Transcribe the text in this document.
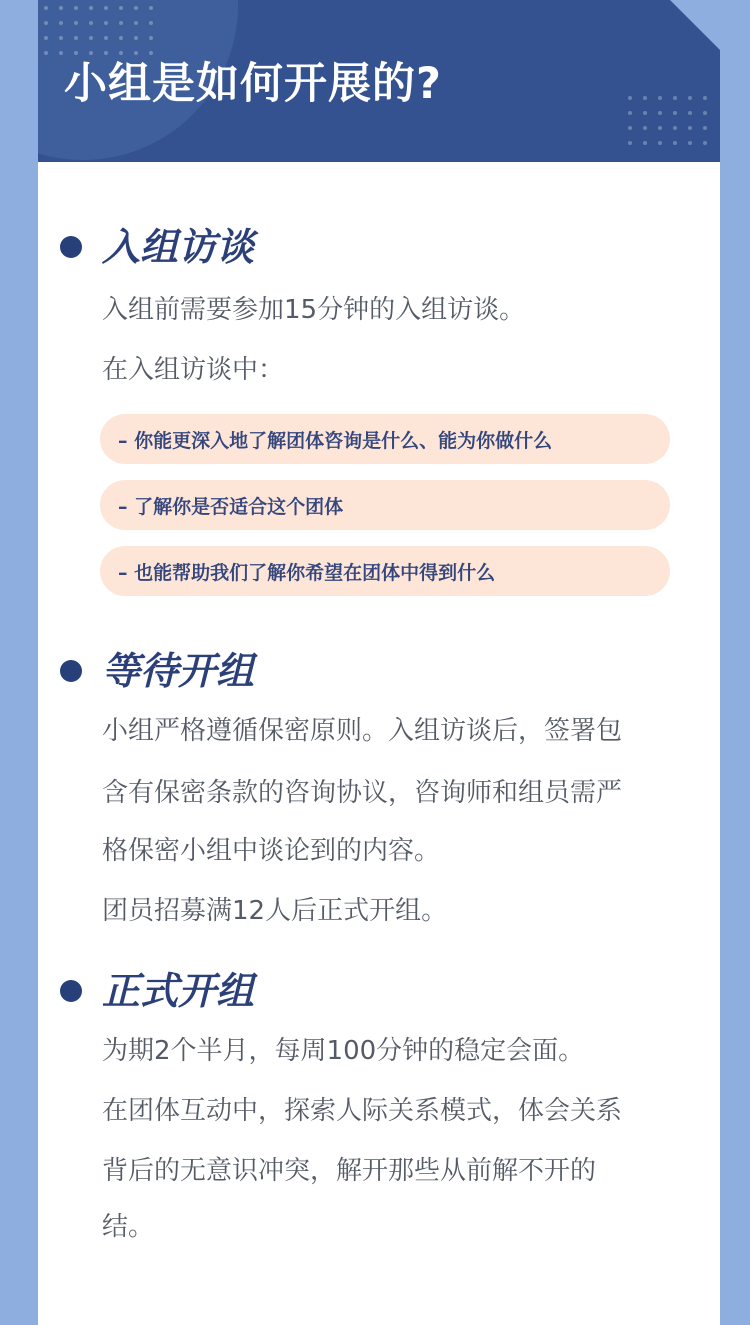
小组是如何开展的?
入组访谈

入组前需要参加15分钟的入组访谈。

在入组访谈中：

– 你能更深入地了解团体咨询是什么、能为你做什么
– 了解你是否适合这个团体
– 也能帮助我们了解你希望在团体中得到什么
等待开组

小组严格遵循保密原则。入组访谈后，签署包

含有保密条款的咨询协议，咨询师和组员需严

格保密小组中谈论到的内容。

团员招募满12人后正式开组。

正式开组

为期2个半月，每周100分钟的稳定会面。

在团体互动中，探索人际关系模式，体会关系

背后的无意识冲突，解开那些从前解不开的

结。
